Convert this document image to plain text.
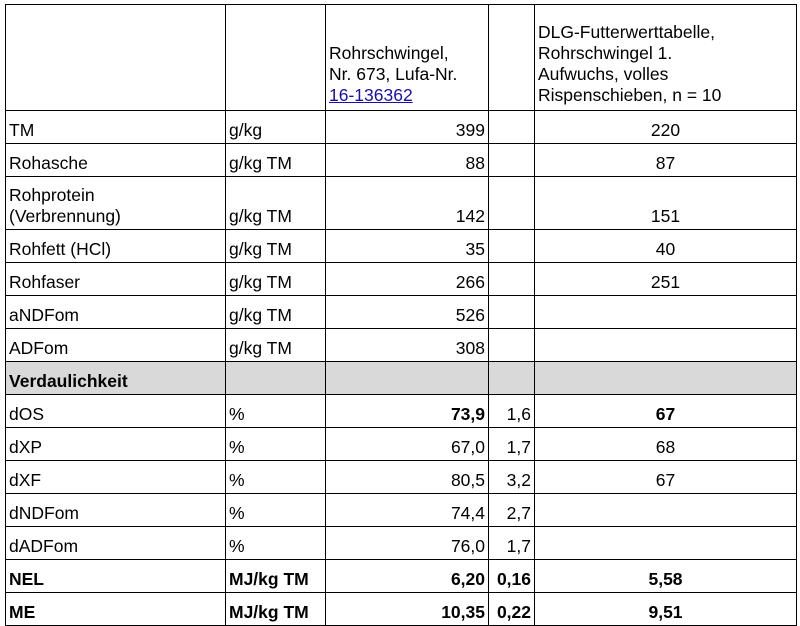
		Rohrschwingel,
Nr. 673, Lufa-Nr.
16-136362		DLG-Futterwerttabelle,
Rohrschwingel 1.
Aufwuchs, volles
Rispenschieben, n = 10
TM	g/kg	399		220
Rohasche	g/kg TM	88		87
Rohprotein
(Verbrennung)	g/kg TM	142		151
Rohfett (HCl)	g/kg TM	35		40
Rohfaser	g/kg TM	266		251
aNDFom	g/kg TM	526		
ADFom	g/kg TM	308		
Verdaulichkeit				
dOS	%	73,9	1,6	67
dXP	%	67,0	1,7	68
dXF	%	80,5	3,2	67
dNDFom	%	74,4	2,7	
dADFom	%	76,0	1,7	
NEL	MJ/kg TM	6,20	0,16	5,58
ME	MJ/kg TM	10,35	0,22	9,51
